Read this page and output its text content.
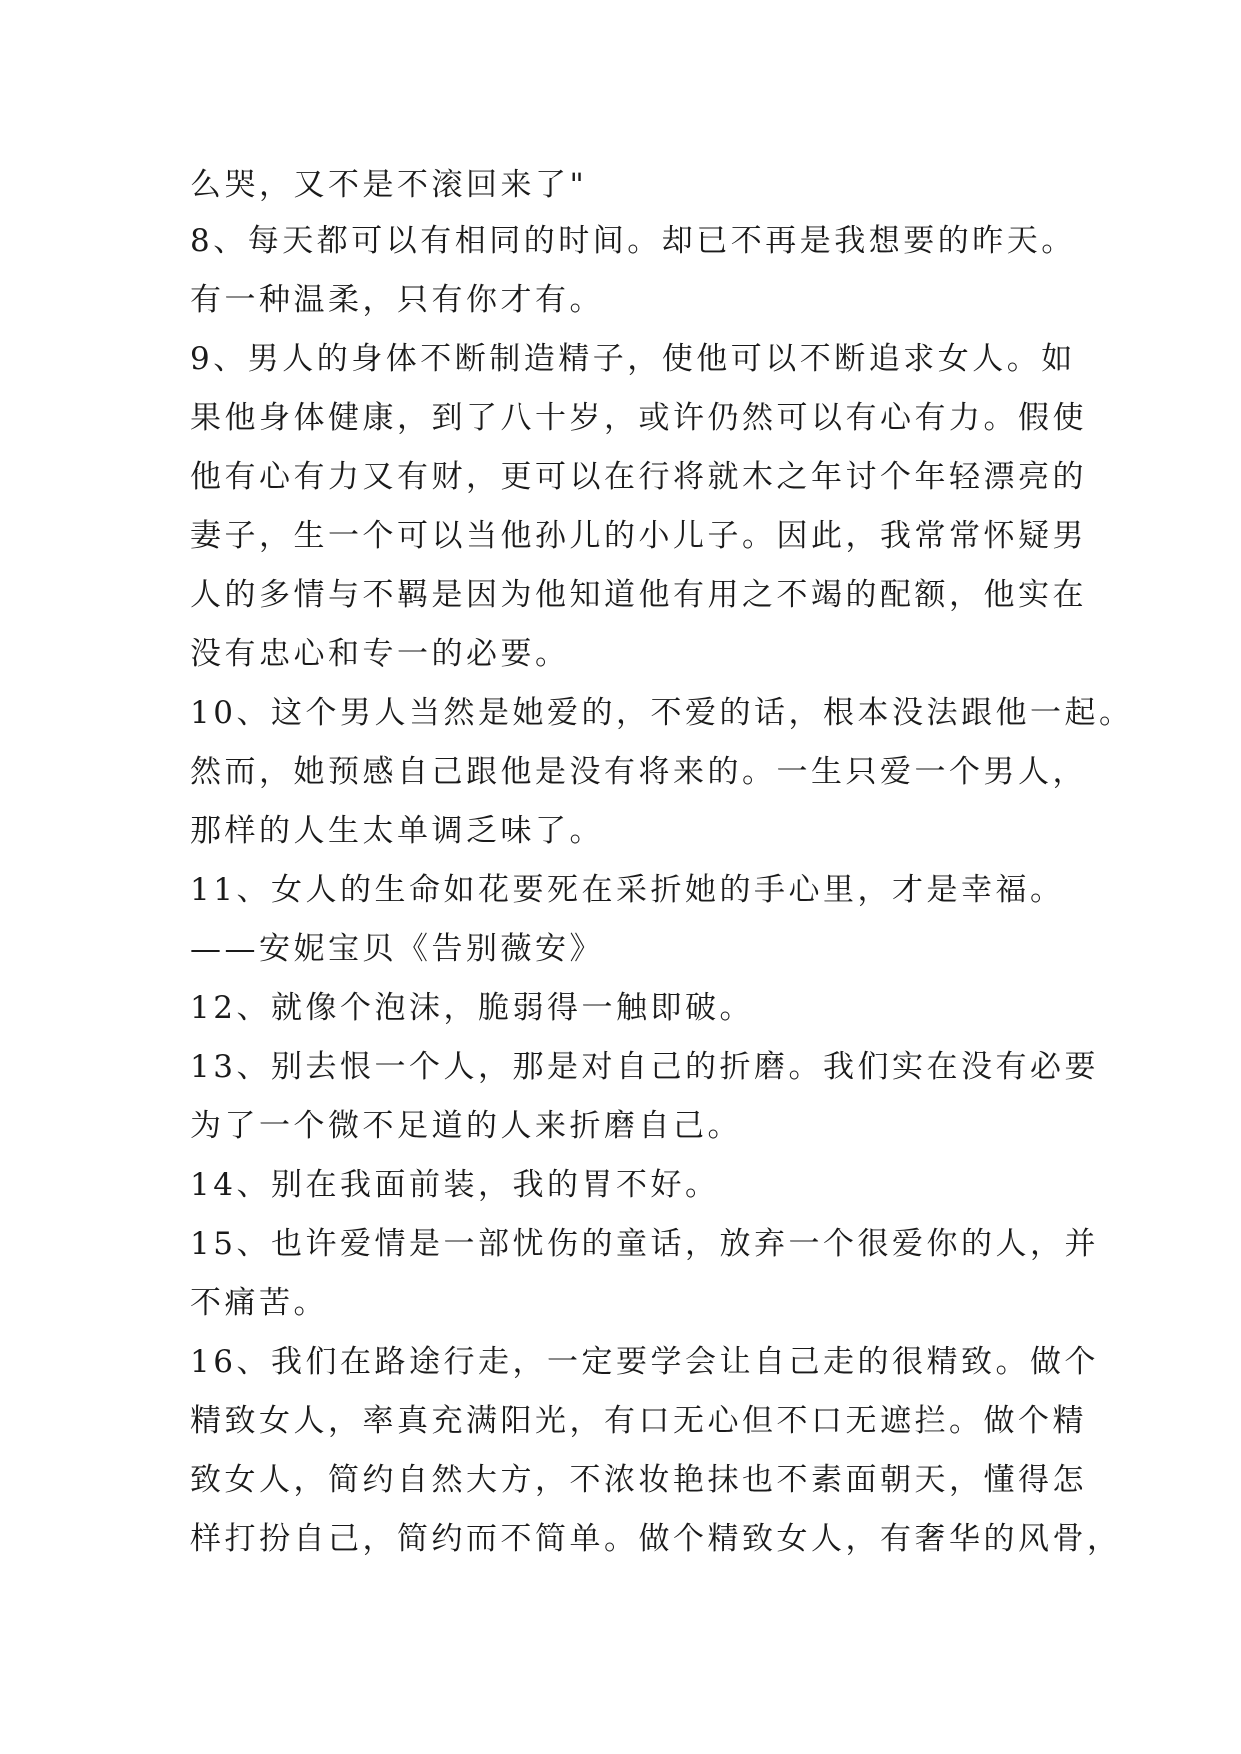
么哭，又不是不滚回来了"
8、每天都可以有相同的时间。却已不再是我想要的昨天。
有一种温柔，只有你才有。
9、男人的身体不断制造精子，使他可以不断追求女人。如
果他身体健康，到了八十岁，或许仍然可以有心有力。假使
他有心有力又有财，更可以在行将就木之年讨个年轻漂亮的
妻子，生一个可以当他孙儿的小儿子。因此，我常常怀疑男
人的多情与不羁是因为他知道他有用之不竭的配额，他实在
没有忠心和专一的必要。
10、这个男人当然是她爱的，不爱的话，根本没法跟他一起。
然而，她预感自己跟他是没有将来的。一生只爱一个男人，
那样的人生太单调乏味了。
11、女人的生命如花要死在采折她的手心里，才是幸福。
——安妮宝贝《告别薇安》
12、就像个泡沫，脆弱得一触即破。
13、别去恨一个人，那是对自己的折磨。我们实在没有必要
为了一个微不足道的人来折磨自己。
14、别在我面前装，我的胃不好。
15、也许爱情是一部忧伤的童话，放弃一个很爱你的人，并
不痛苦。
16、我们在路途行走，一定要学会让自己走的很精致。做个
精致女人，率真充满阳光，有口无心但不口无遮拦。做个精
致女人，简约自然大方，不浓妆艳抹也不素面朝天，懂得怎
样打扮自己，简约而不简单。做个精致女人，有奢华的风骨，
